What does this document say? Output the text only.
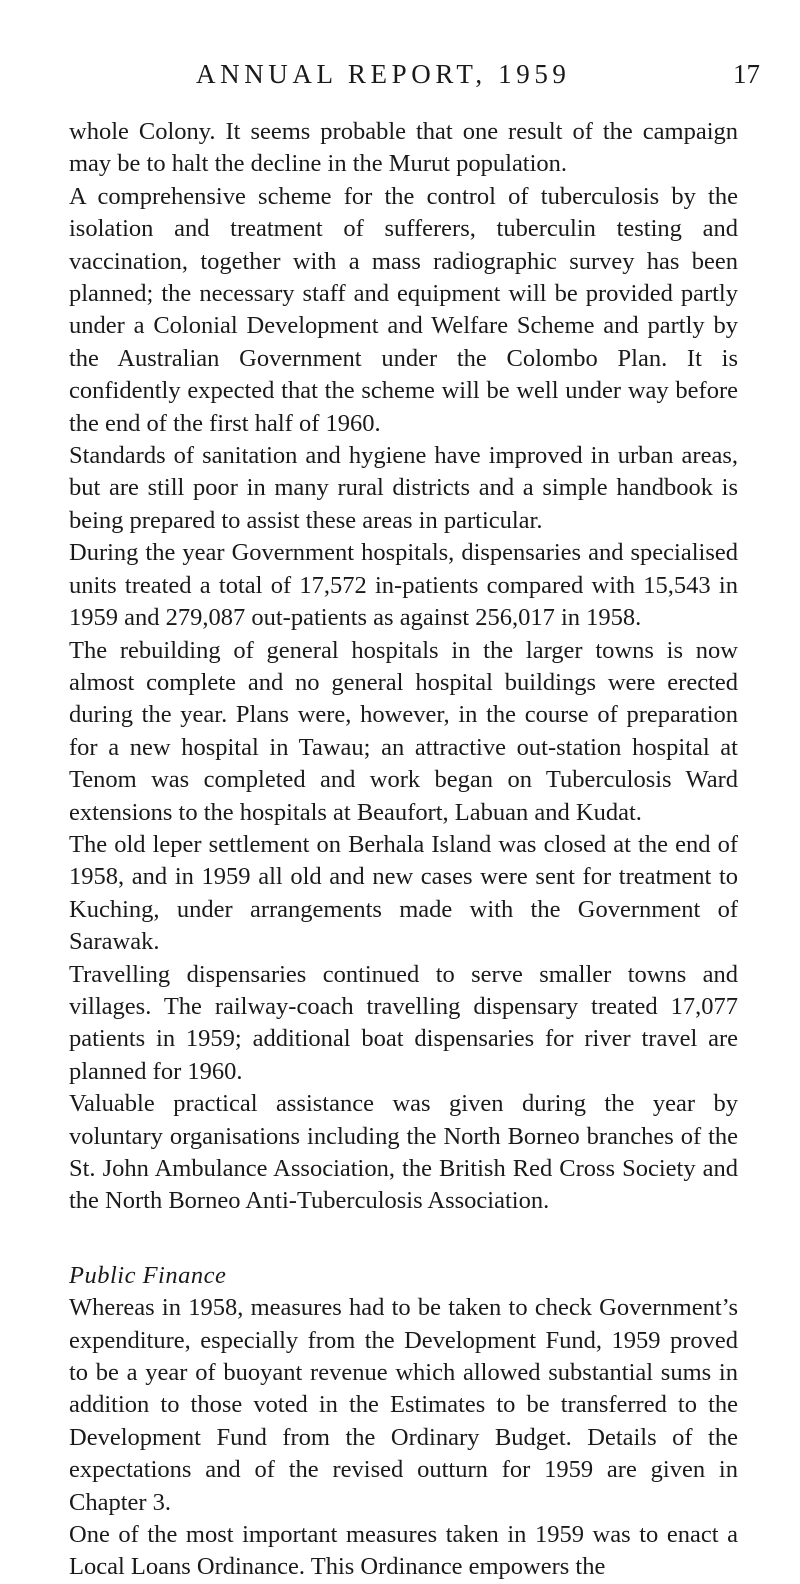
ANNUAL REPORT, 1959	17

whole Colony. It seems probable that one result of the campaign may be to halt the decline in the Murut population.

A comprehensive scheme for the control of tuberculosis by the isolation and treatment of sufferers, tuberculin testing and vaccination, together with a mass radiographic survey has been planned; the necessary staff and equipment will be provided partly under a Colonial Development and Welfare Scheme and partly by the Australian Government under the Colombo Plan. It is confidently expected that the scheme will be well under way before the end of the first half of 1960.

Standards of sanitation and hygiene have improved in urban areas, but are still poor in many rural districts and a simple handbook is being prepared to assist these areas in particular.

During the year Government hospitals, dispensaries and specialised units treated a total of 17,572 in-patients compared with 15,543 in 1959 and 279,087 out-patients as against 256,017 in 1958.

The rebuilding of general hospitals in the larger towns is now almost complete and no general hospital buildings were erected during the year. Plans were, however, in the course of preparation for a new hospital in Tawau; an attractive out-station hospital at Tenom was completed and work began on Tuberculosis Ward extensions to the hospitals at Beaufort, Labuan and Kudat.

The old leper settlement on Berhala Island was closed at the end of 1958, and in 1959 all old and new cases were sent for treatment to Kuching, under arrangements made with the Government of Sarawak.

Travelling dispensaries continued to serve smaller towns and villages. The railway-coach travelling dispensary treated 17,077 patients in 1959; additional boat dispensaries for river travel are planned for 1960.

Valuable practical assistance was given during the year by voluntary organisations including the North Borneo branches of the St. John Ambulance Association, the British Red Cross Society and the North Borneo Anti-Tuberculosis Association.

Public Finance

Whereas in 1958, measures had to be taken to check Government’s expenditure, especially from the Development Fund, 1959 proved to be a year of buoyant revenue which allowed substantial sums in addition to those voted in the Estimates to be transferred to the Development Fund from the Ordinary Budget. Details of the expectations and of the revised outturn for 1959 are given in Chapter 3.

One of the most important measures taken in 1959 was to enact a Local Loans Ordinance. This Ordinance empowers the
